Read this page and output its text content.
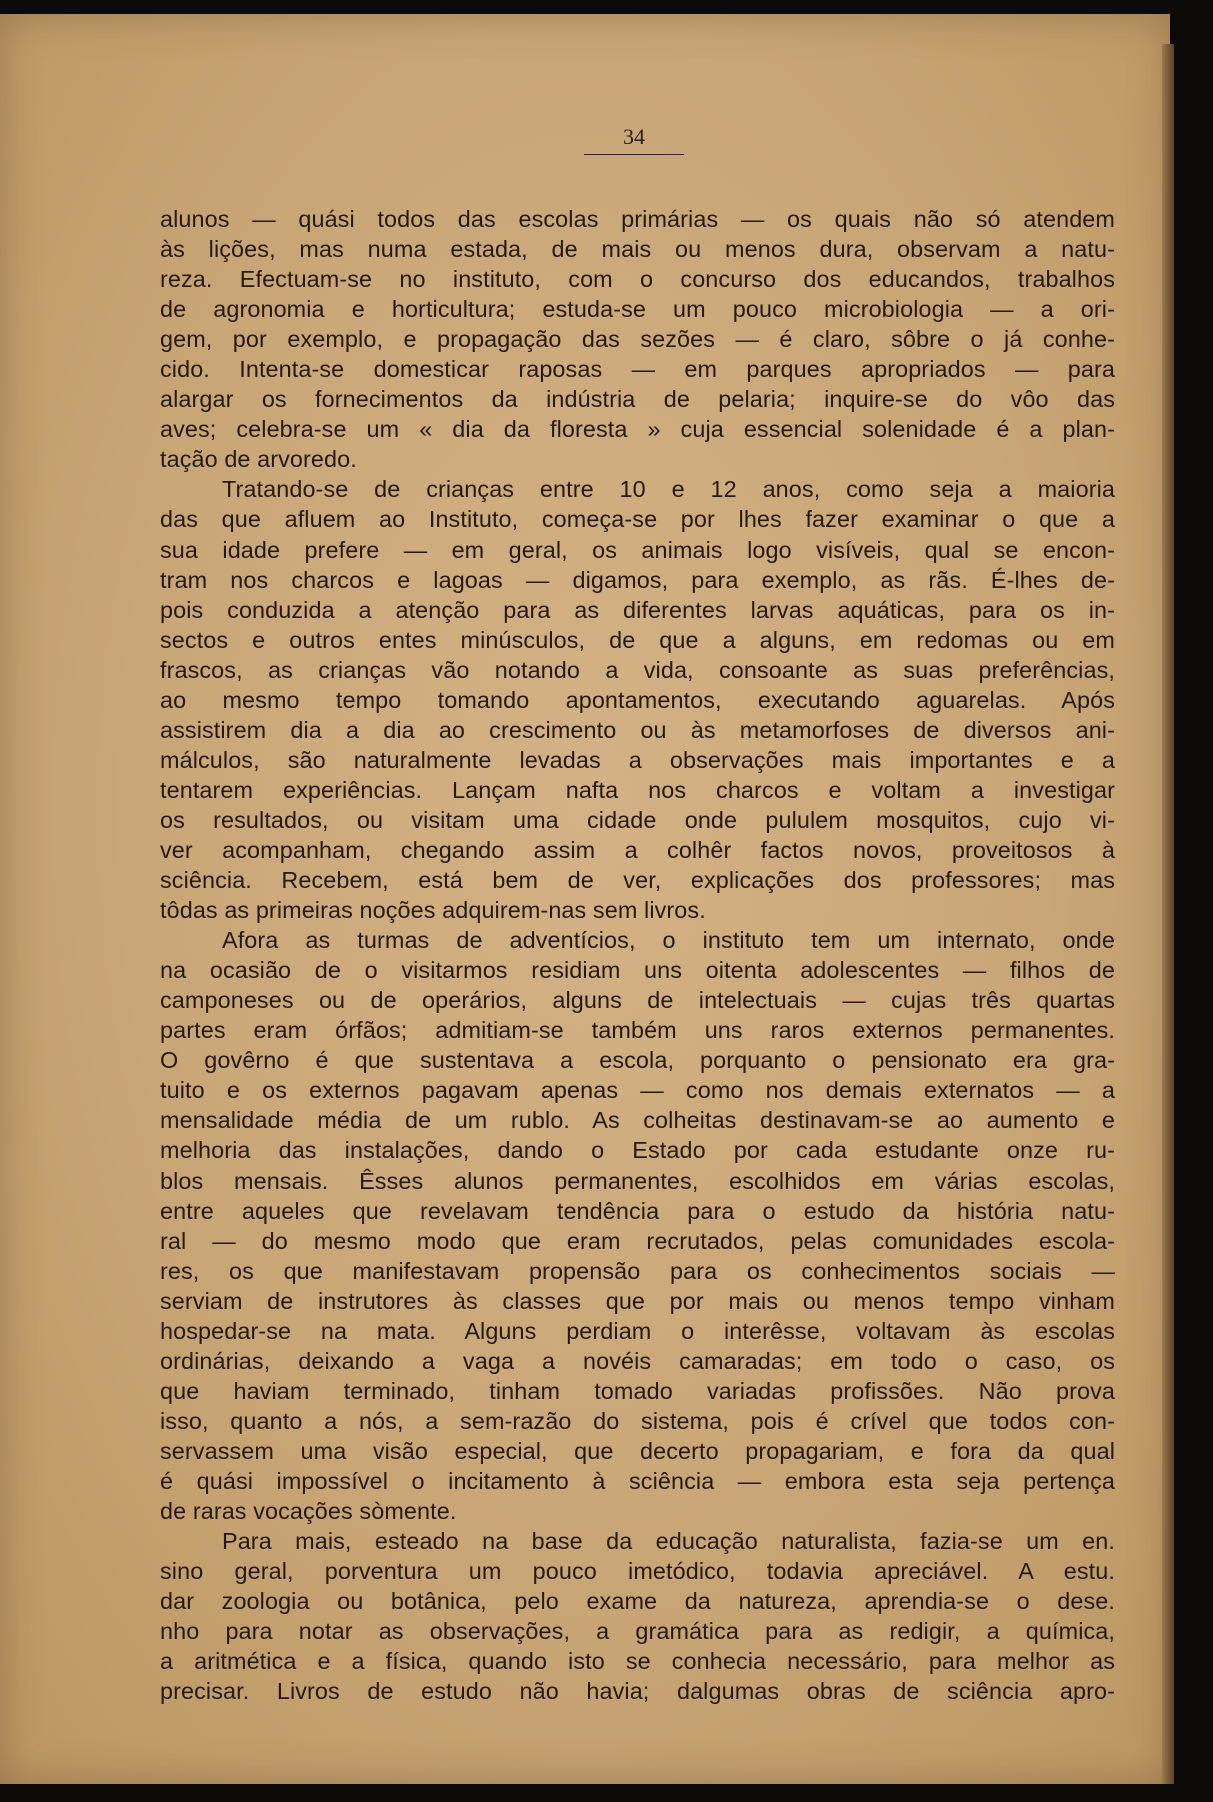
34
alunos — quási todos das escolas primárias — os quais não só atendem
às lições, mas numa estada, de mais ou menos dura, observam a natu-
reza. Efectuam-se no instituto, com o concurso dos educandos, trabalhos
de agronomia e horticultura; estuda-se um pouco microbiologia — a ori-
gem, por exemplo, e propagação das sezões — é claro, sôbre o já conhe-
cido. Intenta-se domesticar raposas — em parques apropriados — para
alargar os fornecimentos da indústria de pelaria; inquire-se do vôo das
aves; celebra-se um « dia da floresta » cuja essencial solenidade é a plan-
tação de arvoredo.
Tratando-se de crianças entre 10 e 12 anos, como seja a maioria
das que afluem ao Instituto, começa-se por lhes fazer examinar o que a
sua idade prefere — em geral, os animais logo visíveis, qual se encon-
tram nos charcos e lagoas — digamos, para exemplo, as rãs. É-lhes de-
pois conduzida a atenção para as diferentes larvas aquáticas, para os in-
sectos e outros entes minúsculos, de que a alguns, em redomas ou em
frascos, as crianças vão notando a vida, consoante as suas preferências,
ao mesmo tempo tomando apontamentos, executando aguarelas. Após
assistirem dia a dia ao crescimento ou às metamorfoses de diversos ani-
málculos, são naturalmente levadas a observações mais importantes e a
tentarem experiências. Lançam nafta nos charcos e voltam a investigar
os resultados, ou visitam uma cidade onde pululem mosquitos, cujo vi-
ver acompanham, chegando assim a colhêr factos novos, proveitosos à
sciência. Recebem, está bem de ver, explicações dos professores; mas
tôdas as primeiras noções adquirem-nas sem livros.
Afora as turmas de adventícios, o instituto tem um internato, onde
na ocasião de o visitarmos residiam uns oitenta adolescentes — filhos de
camponeses ou de operários, alguns de intelectuais — cujas três quartas
partes eram órfãos; admitiam-se também uns raros externos permanentes.
O govêrno é que sustentava a escola, porquanto o pensionato era gra-
tuito e os externos pagavam apenas — como nos demais externatos — a
mensalidade média de um rublo. As colheitas destinavam-se ao aumento e
melhoria das instalações, dando o Estado por cada estudante onze ru-
blos mensais. Êsses alunos permanentes, escolhidos em várias escolas,
entre aqueles que revelavam tendência para o estudo da história natu-
ral — do mesmo modo que eram recrutados, pelas comunidades escola-
res, os que manifestavam propensão para os conhecimentos sociais —
serviam de instrutores às classes que por mais ou menos tempo vinham
hospedar-se na mata. Alguns perdiam o interêsse, voltavam às escolas
ordinárias, deixando a vaga a novéis camaradas; em todo o caso, os
que haviam terminado, tinham tomado variadas profissões. Não prova
isso, quanto a nós, a sem-razão do sistema, pois é crível que todos con-
servassem uma visão especial, que decerto propagariam, e fora da qual
é quási impossível o incitamento à sciência — embora esta seja pertença
de raras vocações sòmente.
Para mais, esteado na base da educação naturalista, fazia-se um en.
sino geral, porventura um pouco imetódico, todavia apreciável. A estu.
dar zoologia ou botânica, pelo exame da natureza, aprendia-se o dese.
nho para notar as observações, a gramática para as redigir, a química,
a aritmética e a física, quando isto se conhecia necessário, para melhor as
precisar. Livros de estudo não havia; dalgumas obras de sciência apro-
